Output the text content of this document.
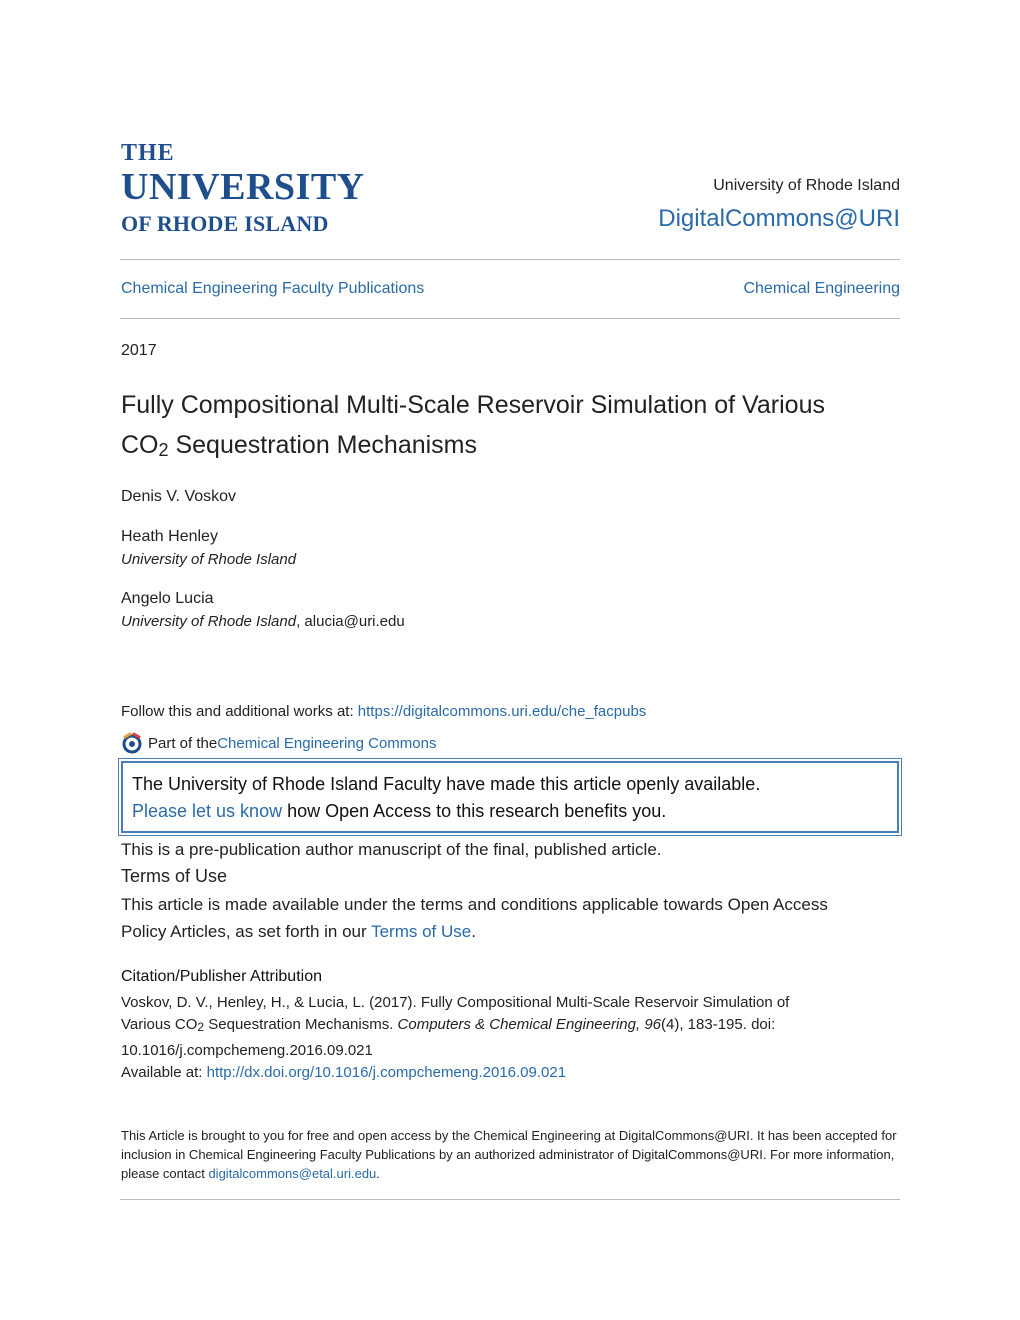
THE
UNIVERSITY
OF RHODE ISLAND
University of Rhode Island
DigitalCommons@URI
Chemical Engineering Faculty Publications	Chemical Engineering
2017
Fully Compositional Multi-Scale Reservoir Simulation of Various
$CO_2$ Sequestration Mechanisms
Denis V. Voskov
Heath Henley
University of Rhode Island
Angelo Lucia
University of Rhode Island, alucia@uri.edu
Follow this and additional works at: https://digitalcommons.uri.edu/che_facpubs
Part of the Chemical Engineering Commons
The University of Rhode Island Faculty have made this article openly available.
Please let us know how Open Access to this research benefits you.
This is a pre-publication author manuscript of the final, published article.
Terms of Use
This article is made available under the terms and conditions applicable towards Open Access
Policy Articles, as set forth in our Terms of Use.
Citation/Publisher Attribution
Voskov, D. V., Henley, H., & Lucia, L. (2017). Fully Compositional Multi-Scale Reservoir Simulation of
Various $CO_2$ Sequestration Mechanisms. Computers & Chemical Engineering, 96(4), 183-195. doi:
10.1016/j.compchemeng.2016.09.021
Available at: http://dx.doi.org/10.1016/j.compchemeng.2016.09.021
This Article is brought to you for free and open access by the Chemical Engineering at DigitalCommons@URI. It has been accepted for inclusion in Chemical Engineering Faculty Publications by an authorized administrator of DigitalCommons@URI. For more information, please contact digitalcommons@etal.uri.edu.
